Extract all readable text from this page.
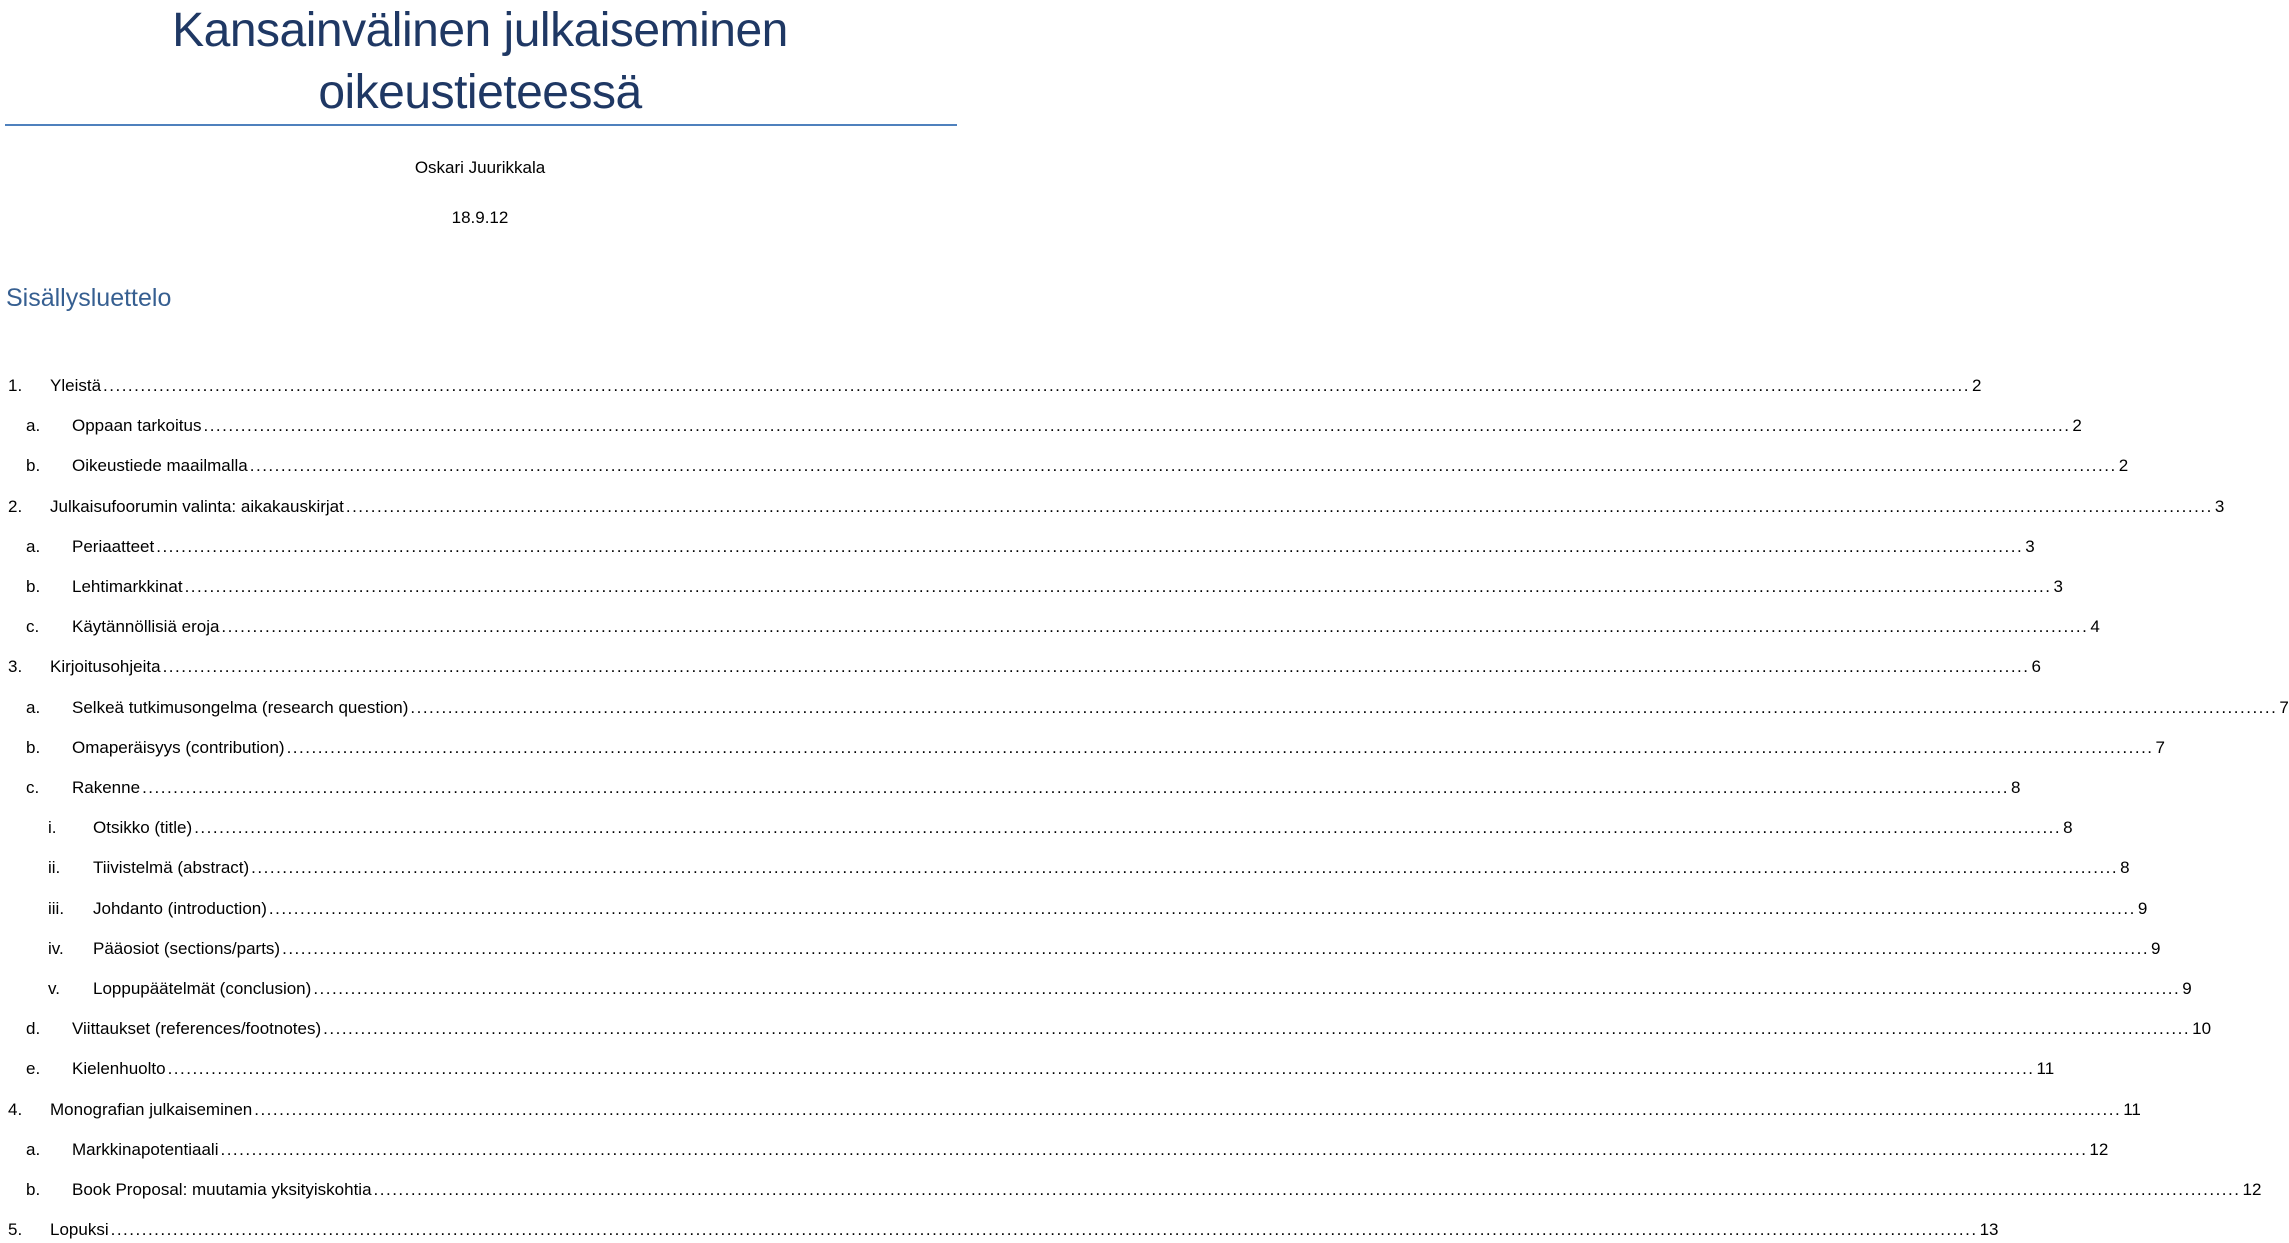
Kansainvälinen julkaiseminen
oikeustieteessä
Oskari Juurikkala
18.9.12
Sisällysluettelo
1. Yleistä ............................................................................................................................................................................................................................................................................................................ 2
a. Oppaan tarkoitus ............................................................................................................................................................................................................................................................................................................ 2
b. Oikeustiede maailmalla ............................................................................................................................................................................................................................................................................................................ 2
2. Julkaisufoorumin valinta: aikakauskirjat ............................................................................................................................................................................................................................................................................................................ 3
a. Periaatteet ............................................................................................................................................................................................................................................................................................................ 3
b. Lehtimarkkinat ............................................................................................................................................................................................................................................................................................................ 3
c. Käytännöllisiä eroja ............................................................................................................................................................................................................................................................................................................ 4
3. Kirjoitusohjeita ............................................................................................................................................................................................................................................................................................................ 6
a. Selkeä tutkimusongelma (research question) ............................................................................................................................................................................................................................................................................................................ 7
b. Omaperäisyys (contribution) ............................................................................................................................................................................................................................................................................................................ 7
c. Rakenne ............................................................................................................................................................................................................................................................................................................ 8
i. Otsikko (title) ............................................................................................................................................................................................................................................................................................................ 8
ii. Tiivistelmä (abstract) ............................................................................................................................................................................................................................................................................................................ 8
iii. Johdanto (introduction) ............................................................................................................................................................................................................................................................................................................ 9
iv. Pääosiot (sections/parts) ............................................................................................................................................................................................................................................................................................................ 9
v. Loppupäätelmät (conclusion) ............................................................................................................................................................................................................................................................................................................ 9
d. Viittaukset (references/footnotes) ............................................................................................................................................................................................................................................................................................................ 10
e. Kielenhuolto ............................................................................................................................................................................................................................................................................................................ 11
4. Monografian julkaiseminen ............................................................................................................................................................................................................................................................................................................ 11
a. Markkinapotentiaali ............................................................................................................................................................................................................................................................................................................ 12
b. Book Proposal: muutamia yksityiskohtia ............................................................................................................................................................................................................................................................................................................ 12
5. Lopuksi ............................................................................................................................................................................................................................................................................................................ 13
